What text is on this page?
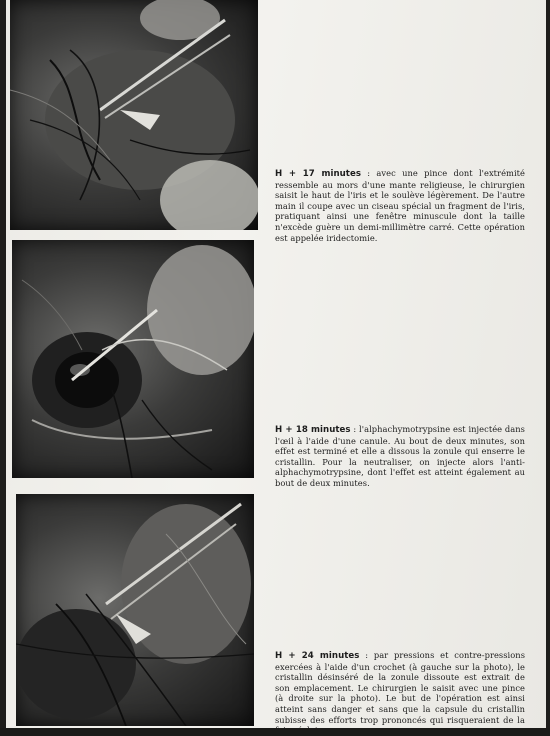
H + 17 minutes : avec une pince dont l'extrémité ressemble au mors d'une mante religieuse, le chirurgien saisit le haut de l'iris et le soulève légèrement. De l'autre main il coupe avec un ciseau spécial un fragment de l'iris, pratiquant ainsi une fenêtre minuscule dont la taille n'excède guère un demi-millimètre carré. Cette opération est appelée iridectomie.
H + 18 minutes : l'alphachymotrypsine est injectée dans l'œil à l'aide d'une canule. Au bout de deux minutes, son effet est terminé et elle a dissous la zonule qui enserre le cristallin. Pour la neutraliser, on injecte alors l'anti-alphachymotrypsine, dont l'effet est atteint également au bout de deux minutes.
H + 24 minutes : par pressions et contre-pressions exercées à l'aide d'un crochet (à gauche sur la photo), le cristallin désinséré de la zonule dissoute est extrait de son emplacement. Le chirurgien le saisit avec une pince (à droite sur la photo). Le but de l'opération est ainsi atteint sans danger et sans que la capsule du cristallin subisse des efforts trop prononcés qui risqueraient de la
